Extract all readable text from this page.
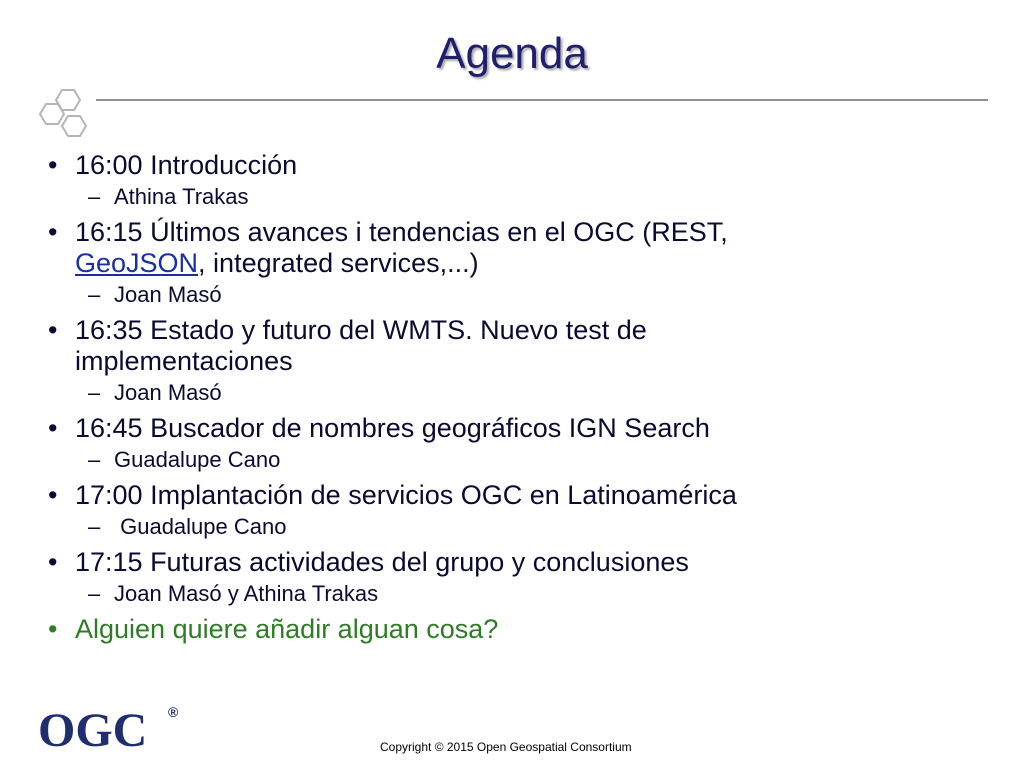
Agenda
• 16:00 Introducción
– Athina Trakas
• 16:15 Últimos avances i tendencias en el OGC (REST,
GeoJSON, integrated services,...)
– Joan Masó
• 16:35 Estado y futuro del WMTS. Nuevo test de
implementaciones
– Joan Masó
• 16:45 Buscador de nombres geográficos IGN Search
– Guadalupe Cano
• 17:00 Implantación de servicios OGC en Latinoamérica
– Guadalupe Cano
• 17:15 Futuras actividades del grupo y conclusiones
– Joan Masó y Athina Trakas
• Alguien quiere añadir alguan cosa?
OGC ®
Copyright © 2015 Open Geospatial Consortium
